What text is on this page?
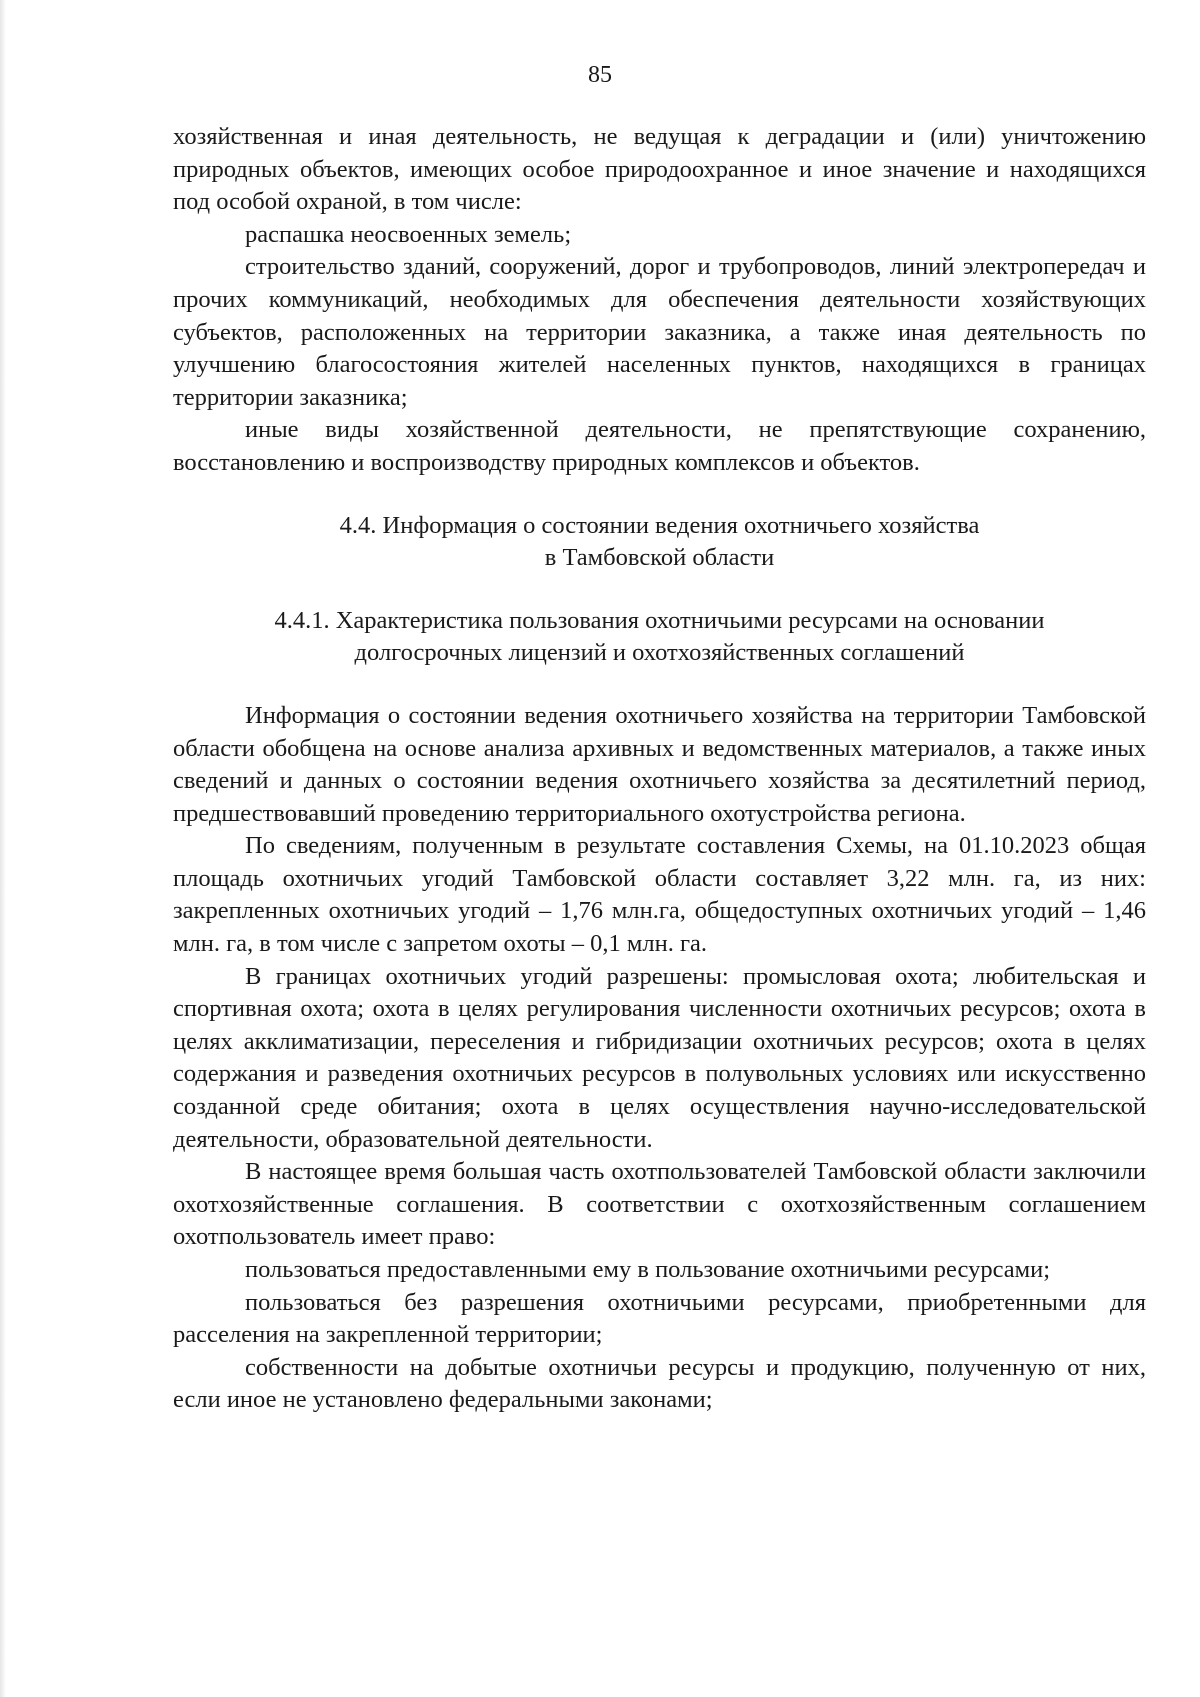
85

хозяйственная и иная деятельность, не ведущая к деградации и (или) уничтожению природных объектов, имеющих особое природоохранное и иное значение и находящихся под особой охраной, в том числе:

распашка неосвоенных земель;

строительство зданий, сооружений, дорог и трубопроводов, линий электропередач и прочих коммуникаций, необходимых для обеспечения деятельности хозяйствующих субъектов, расположенных на территории заказника, а также иная деятельность по улучшению благосостояния жителей населенных пунктов, находящихся в границах территории заказника;

иные виды хозяйственной деятельности, не препятствующие сохранению, восстановлению и воспроизводству природных комплексов и объектов.

4.4. Информация о состоянии ведения охотничьего хозяйства
в Тамбовской области
4.4.1. Характеристика пользования охотничьими ресурсами на основании
долгосрочных лицензий и охотхозяйственных соглашений

Информация о состоянии ведения охотничьего хозяйства на территории Тамбовской области обобщена на основе анализа архивных и ведомственных материалов, а также иных сведений и данных о состоянии ведения охотничьего хозяйства за десятилетний период, предшествовавший проведению территориального охотустройства региона.

По сведениям, полученным в результате составления Схемы, на 01.10.2023 общая площадь охотничьих угодий Тамбовской области составляет 3,22 млн. га, из них: закрепленных охотничьих угодий – 1,76 млн.га, общедоступных охотничьих угодий – 1,46 млн. га, в том числе с запретом охоты – 0,1 млн. га.

В границах охотничьих угодий разрешены: промысловая охота; любительская и спортивная охота; охота в целях регулирования численности охотничьих ресурсов; охота в целях акклиматизации, переселения и гибридизации охотничьих ресурсов; охота в целях содержания и разведения охотничьих ресурсов в полувольных условиях или искусственно созданной среде обитания; охота в целях осуществления научно-исследовательской деятельности, образовательной деятельности.

В настоящее время большая часть охотпользователей Тамбовской области заключили охотхозяйственные соглашения. В соответствии с охотхозяйственным соглашением охотпользователь имеет право:

пользоваться предоставленными ему в пользование охотничьими ресурсами;

пользоваться без разрешения охотничьими ресурсами, приобретенными для расселения на закрепленной территории;

собственности на добытые охотничьи ресурсы и продукцию, полученную от них, если иное не установлено федеральными законами;
